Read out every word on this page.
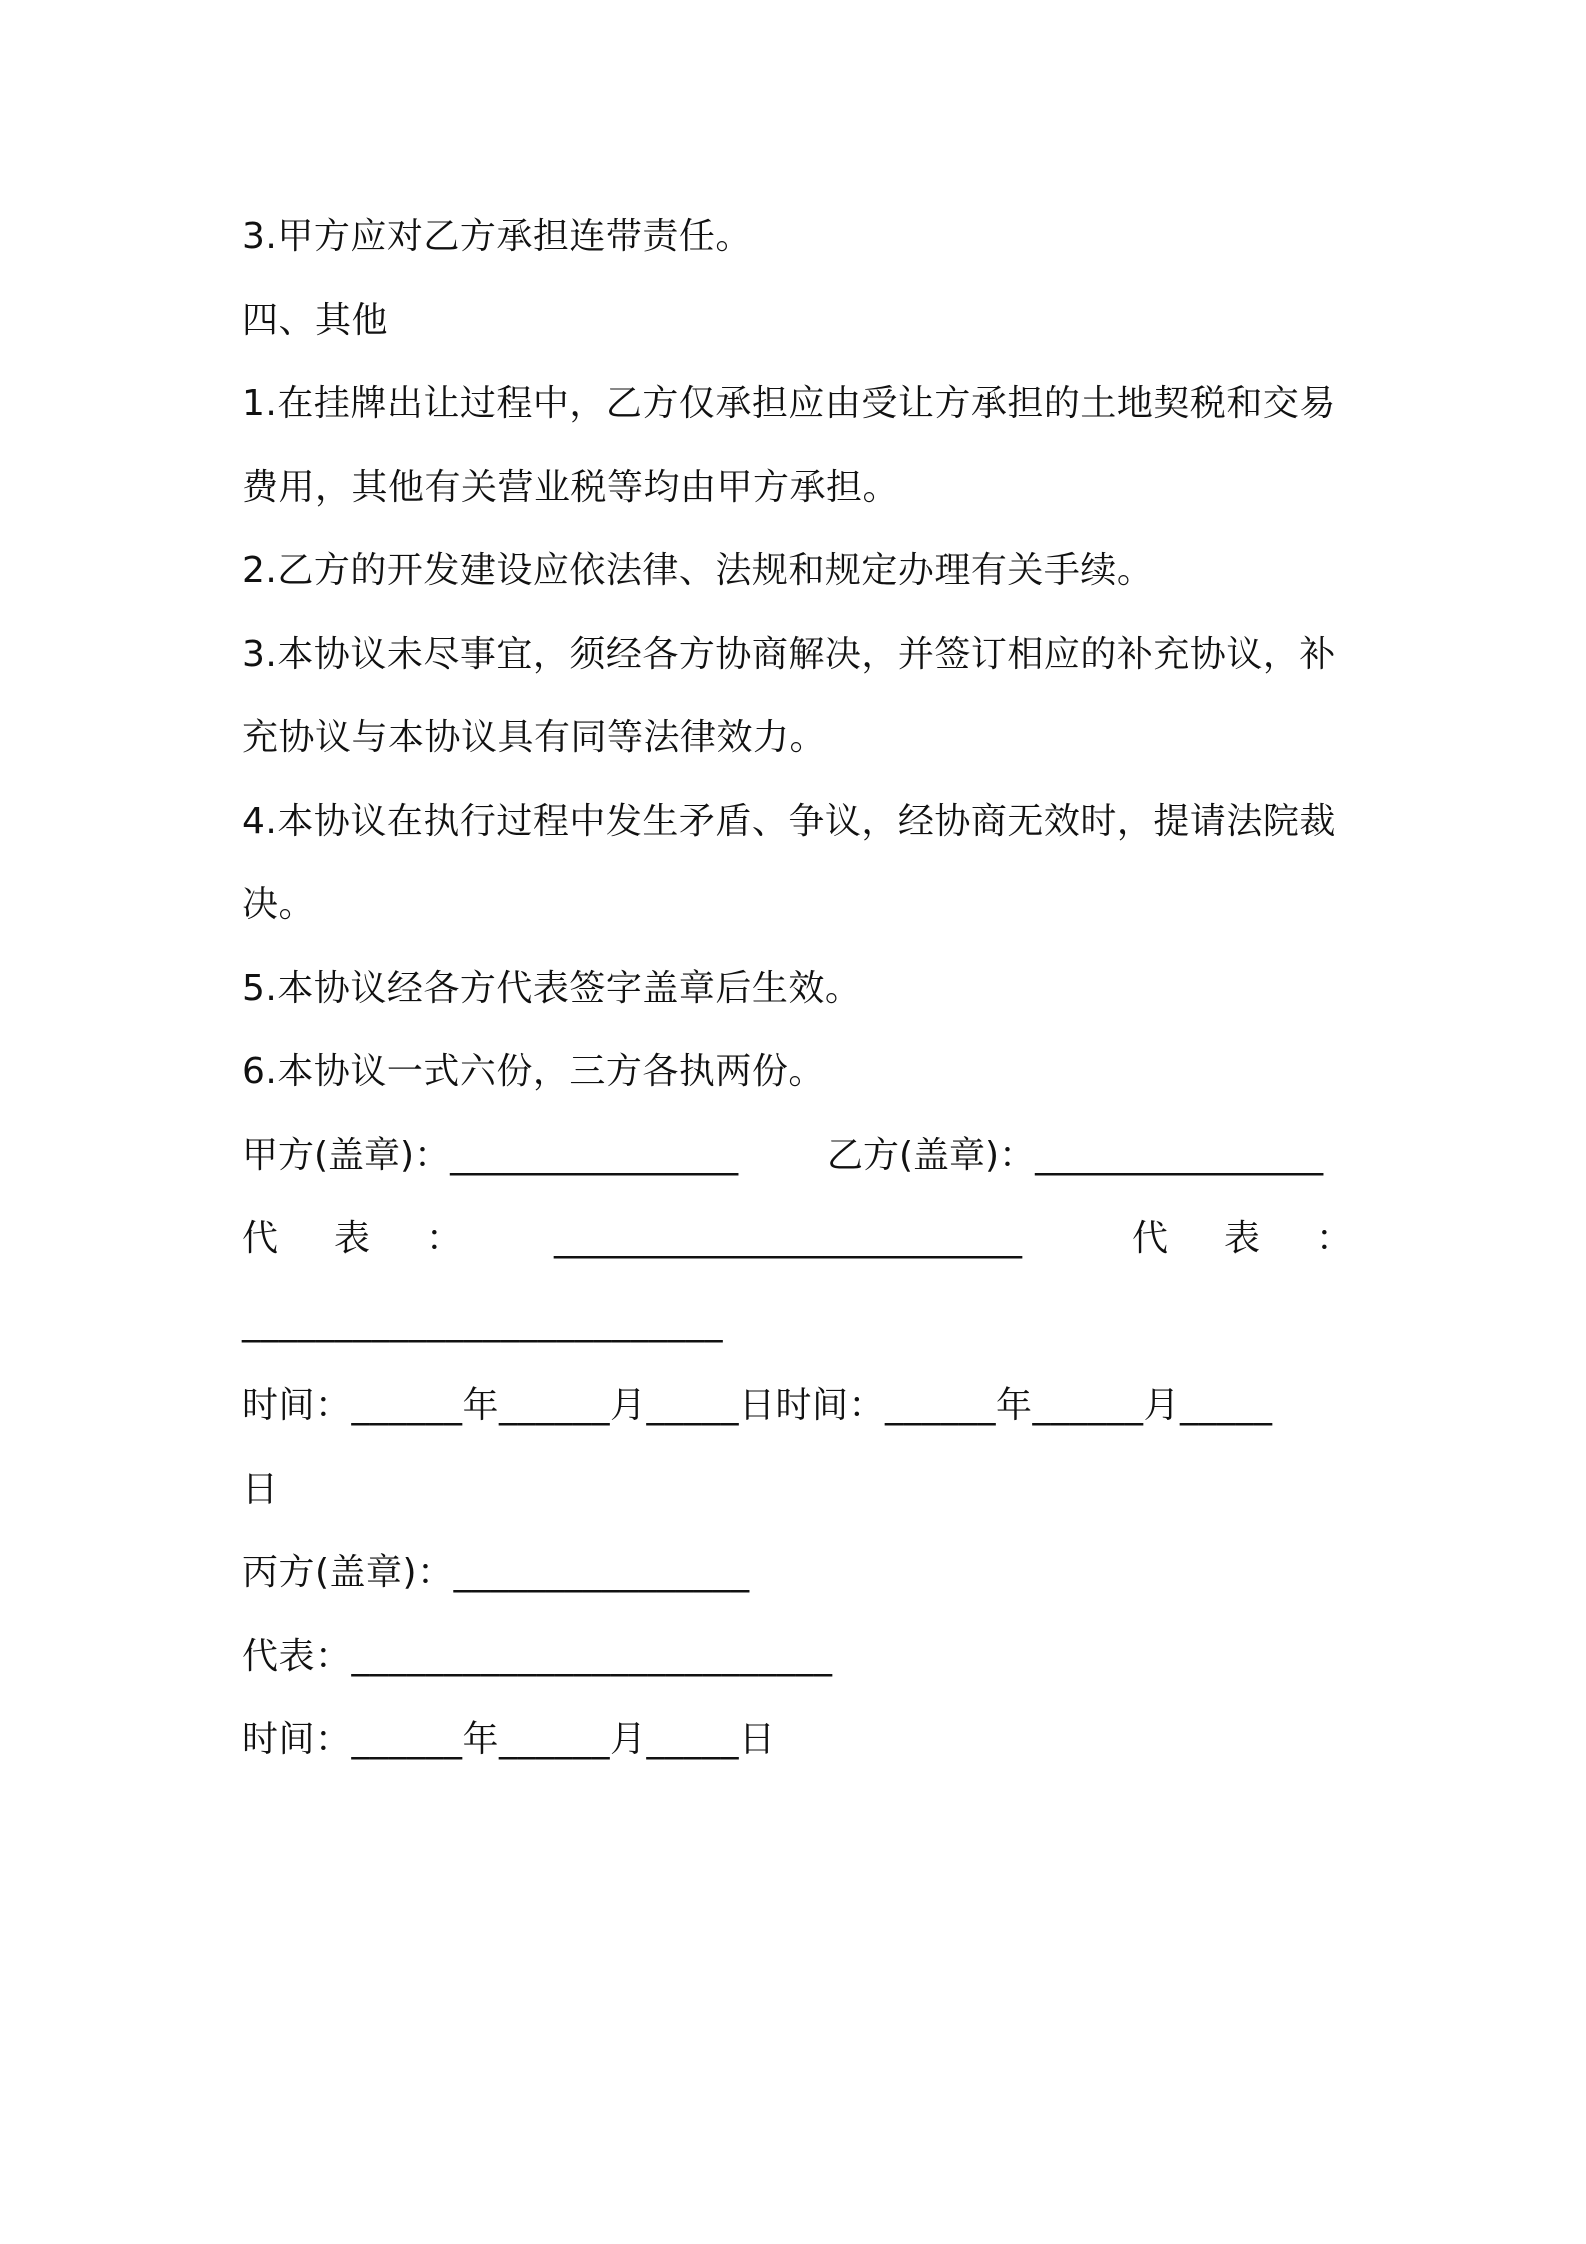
3.甲方应对乙方承担连带责任。
四、其他
1.在挂牌出让过程中，乙方仅承担应由受让方承担的土地契税和交易
费用，其他有关营业税等均由甲方承担。
2.乙方的开发建设应依法律、法规和规定办理有关手续。
3.本协议未尽事宜，须经各方协商解决，并签订相应的补充协议，补
充协议与本协议具有同等法律效力。
4.本协议在执行过程中发生矛盾、争议，经协商无效时，提请法院裁
决。
5.本协议经各方代表签字盖章后生效。
6.本协议一式六份，三方各执两份。
甲方(盖章)：________________	乙方(盖章)：________________
代 表 ：	__________________________	代 表 ：
__________________________
时间：______年______月_____日时间：______年______月_____
日
丙方(盖章)：________________
代表：__________________________
时间：______年______月_____日
